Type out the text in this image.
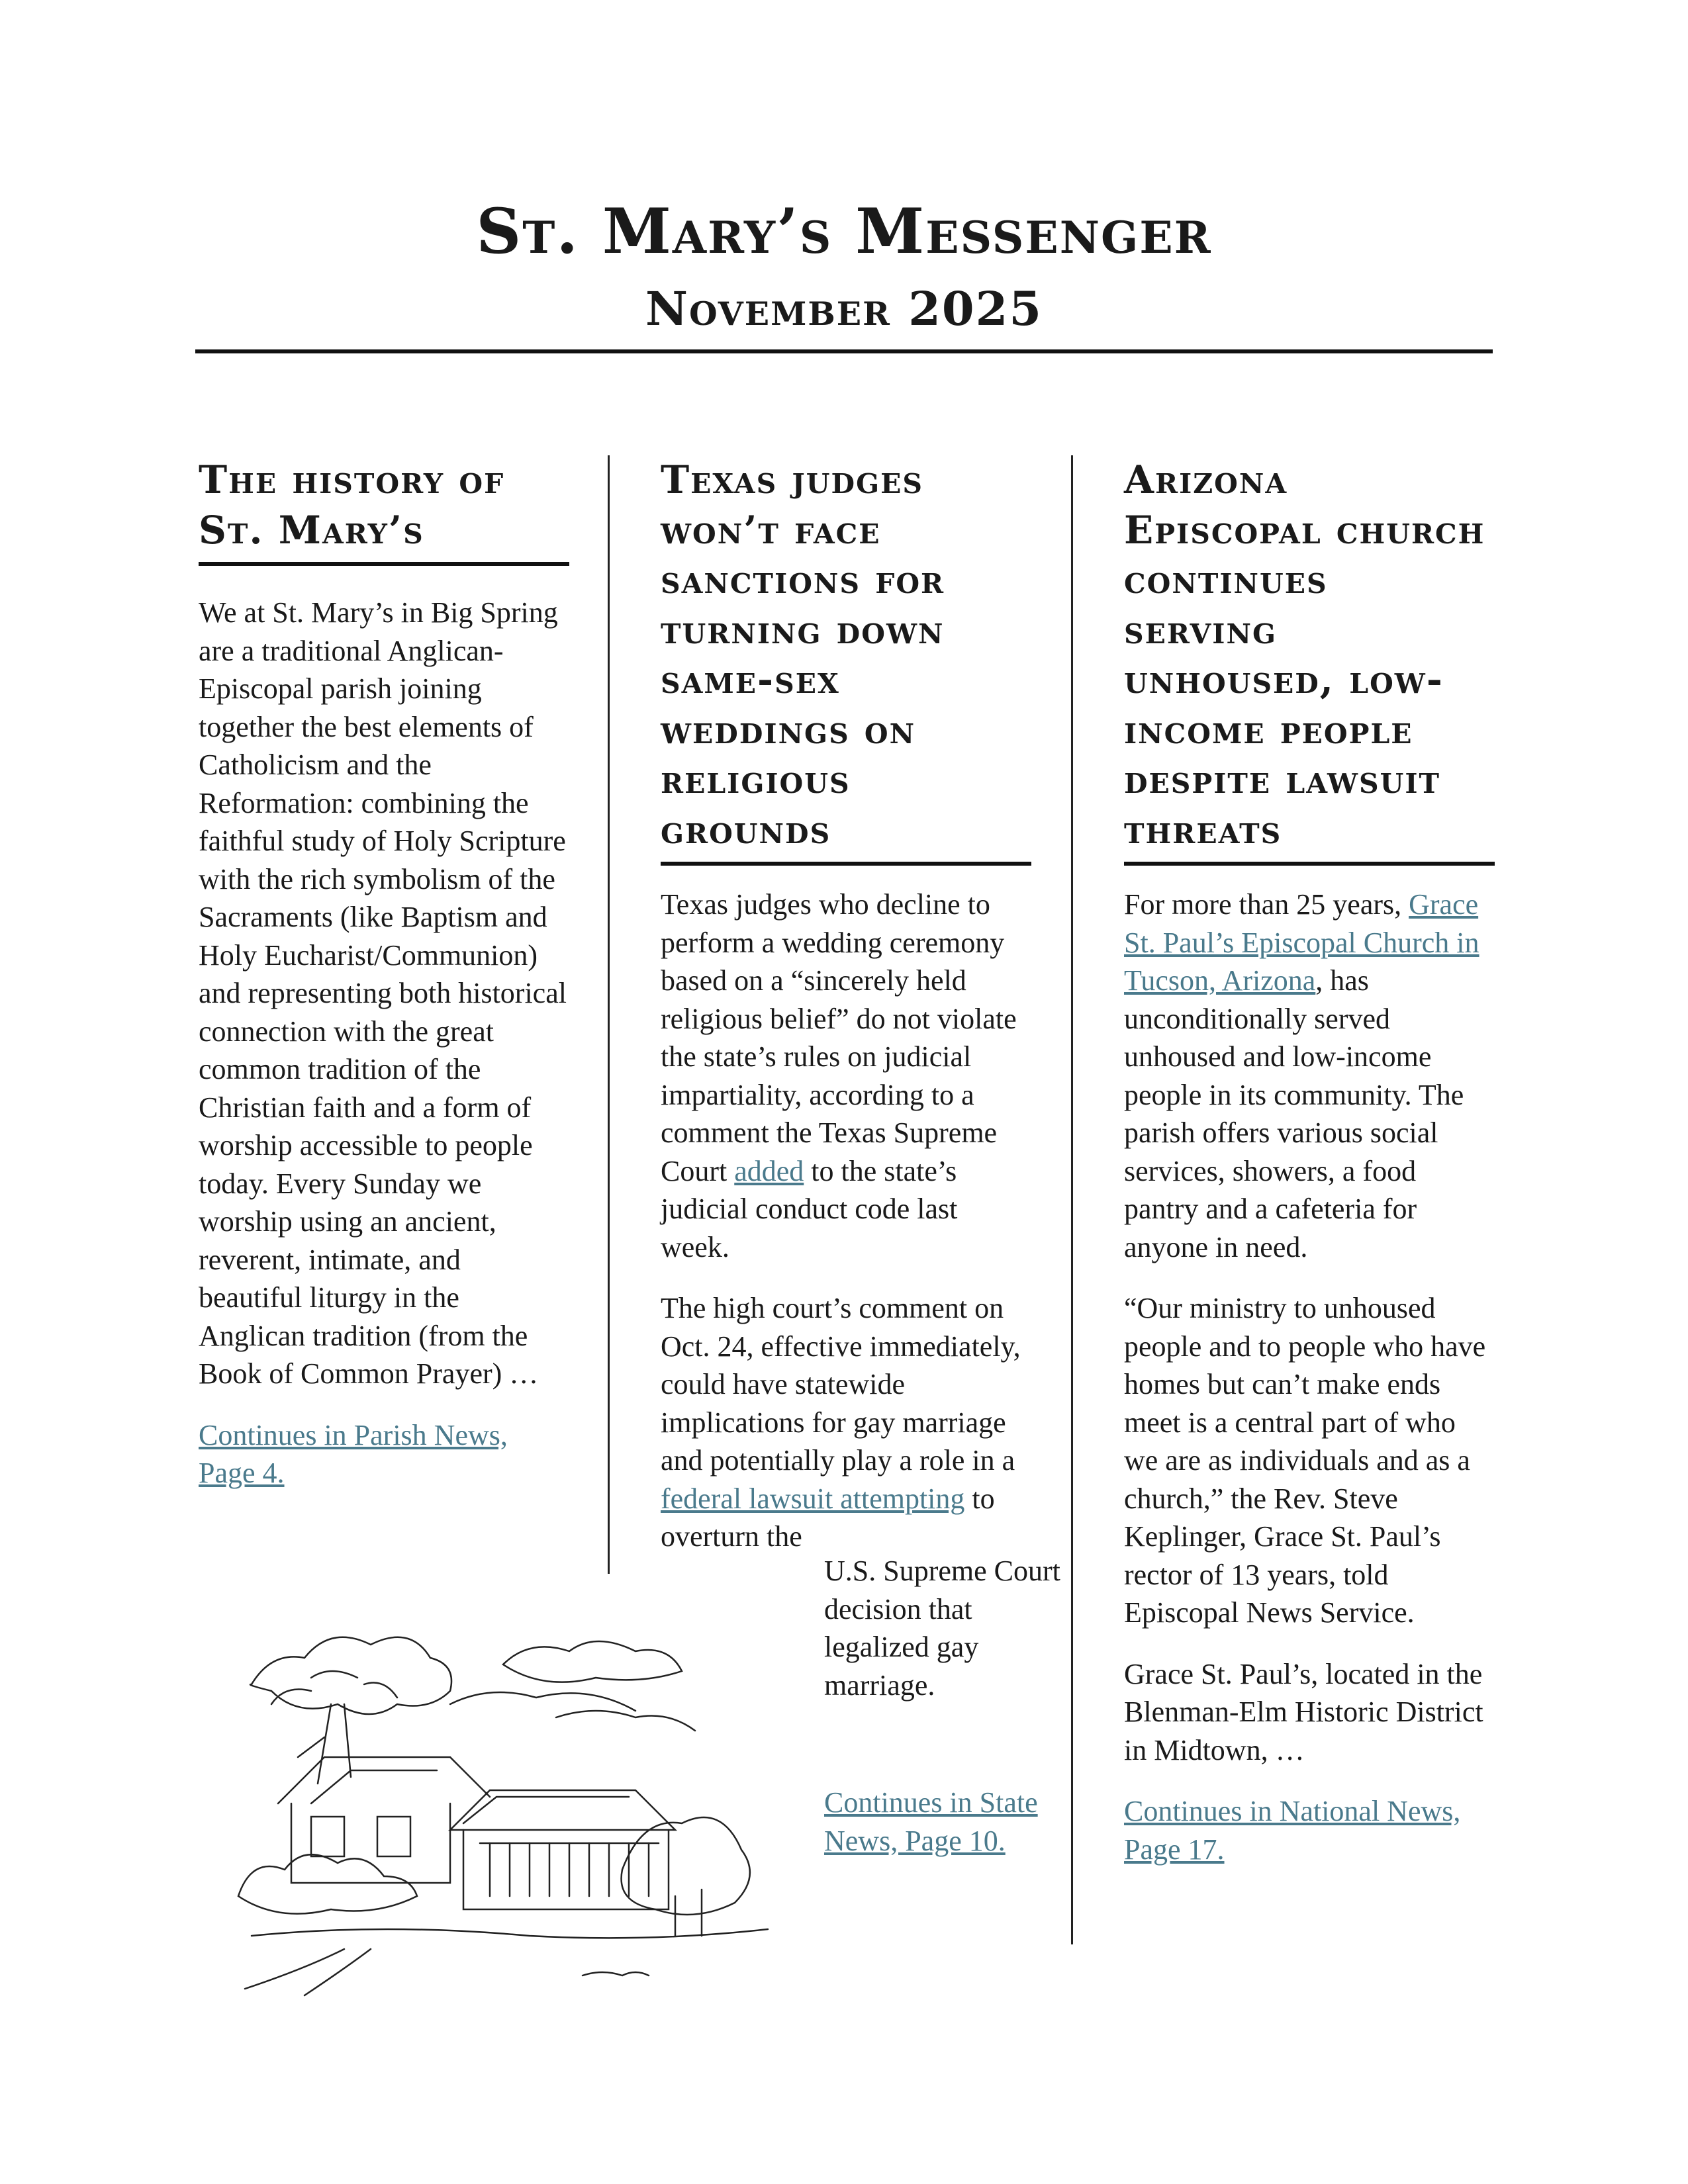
St. Mary’s Messenger
November 2025
The history of St. Mary’s

We at St. Mary’s in Big Spring are a traditional Anglican-Episcopal parish joining together the best elements of Catholicism and the Reformation: combining the faithful study of Holy Scripture with the rich symbolism of the Sacraments (like Baptism and Holy Eucharist/Communion) and representing both historical connection with the great common tradition of the Christian faith and a form of worship accessible to people today. Every Sunday we worship using an ancient, reverent, intimate, and beautiful liturgy in the Anglican tradition (from the Book of Common Prayer) …

Continues in Parish News, Page 4.
Texas judges won’t face sanctions for turning down same-sex weddings on religious grounds

Texas judges who decline to perform a wedding ceremony based on a “sincerely held religious belief” do not violate the state’s rules on judicial impartiality, according to a comment the Texas Supreme Court added to the state’s judicial conduct code last week.

The high court’s comment on Oct. 24, effective immediately, could have statewide implications for gay marriage and potentially play a role in a federal lawsuit attempting to overturn the

U.S. Supreme Court decision that legalized gay marriage.
Continues in State News, Page 10.
Arizona Episcopal church continues serving unhoused, low-income people despite lawsuit threats

For more than 25 years, Grace St. Paul’s Episcopal Church in Tucson, Arizona, has unconditionally served unhoused and low-income people in its community. The parish offers various social services, showers, a food pantry and a cafeteria for anyone in need.

“Our ministry to unhoused people and to people who have homes but can’t make ends meet is a central part of who we are as individuals and as a church,” the Rev. Steve Keplinger, Grace St. Paul’s rector of 13 years, told Episcopal News Service.

Grace St. Paul’s, located in the Blenman-Elm Historic District in Midtown, …

Continues in National News, Page 17.
